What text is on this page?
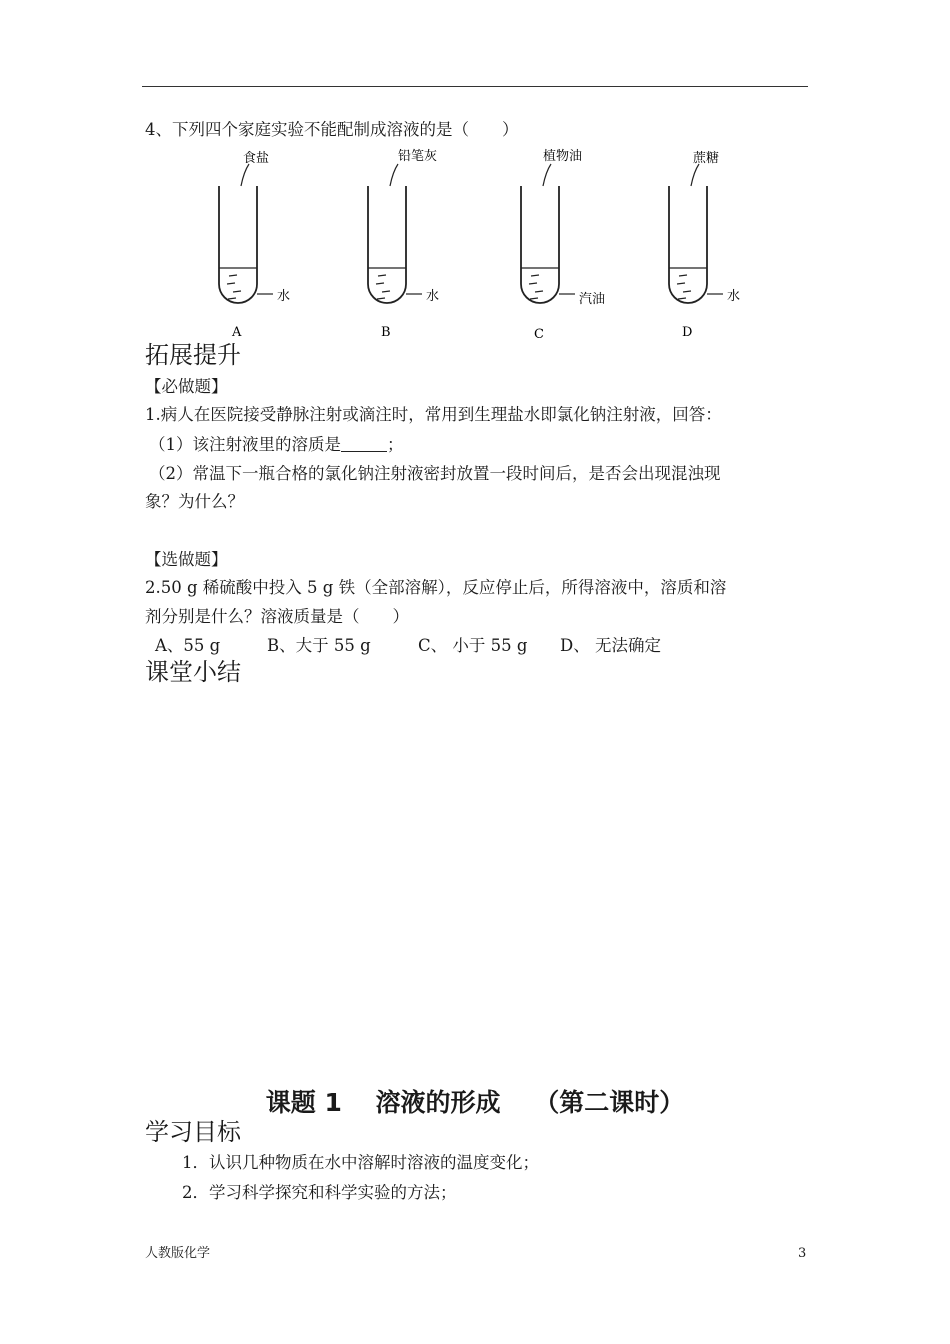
4、下列四个家庭实验不能配制成溶液的是（　　）
食盐
水
A
铅笔灰
水
B
植物油
汽油
C
蔗糖
水
D
拓展提升
【必做题】
1.病人在医院接受静脉注射或滴注时，常用到生理盐水即氯化钠注射液，回答：
（1）该注射液里的溶质是	；
（2）常温下一瓶合格的氯化钠注射液密封放置一段时间后，是否会出现混浊现
象？为什么？
【选做题】
2.50 g 稀硫酸中投入 5 g 铁（全部溶解），反应停止后，所得溶液中，溶质和溶
剂分别是什么？溶液质量是（　　）
A、55 g	B、大于 55 g	C、 小于 55 g D、 无法确定
课堂小结
课题 1　 溶液的形成　 （第二课时）
学习目标
1．认识几种物质在水中溶解时溶液的温度变化；
2．学习科学探究和科学实验的方法；
人教版化学	3
